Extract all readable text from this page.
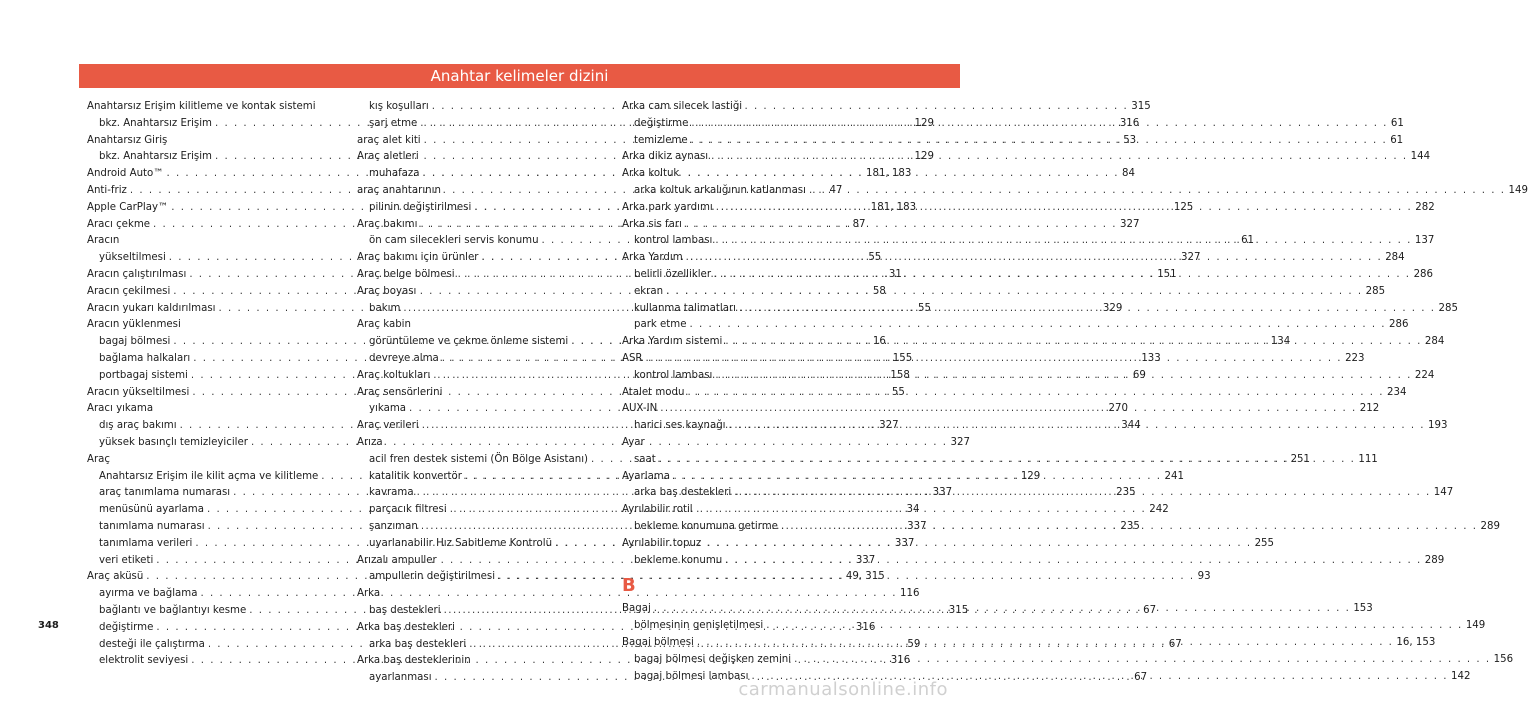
Anahtar kelimeler dizini
Anahtarsız Erişim kilitleme ve kontak sistemi
bkz. Anahtarsız Erişim . . .	129
Anahtarsız Giriş
bkz. Anahtarsız Erişim . . .	129
Android Auto™ . . .	181, 183
Anti-friz . . .	47
Apple CarPlay™ . . .	181, 183
Aracı çekme . . .	87
Aracın
yükseltilmesi . . .	55
Aracın çalıştırılması . . .	31
Aracın çekilmesi . . .	58
Aracın yukarı kaldırılması . . .	55
Aracın yüklenmesi
bagaj bölmesi . . .	16
bağlama halkaları . . .	155
portbagaj sistemi . . .	158
Aracın yükseltilmesi . . .	55
Aracı yıkama
dış araç bakımı . . .	327
yüksek basınçlı temizleyiciler . . .	327
Araç
Anahtarsız Erişim ile kilit açma ve kilitleme . . .	129
araç tanımlama numarası . . .	337
menüsünü ayarlama . . .	34
tanımlama numarası . . .	337
tanımlama verileri . . .	337
veri etiketi . . .	337
Araç aküsü . . .	49, 315
ayırma ve bağlama . . .	116
bağlantı ve bağlantıyı kesme . . .	315
değiştirme . . .	316
desteği ile çalıştırma . . .	59
elektrolit seviyesi . . .	316
kış koşulları . . .	315
şarj etme . . .	316
araç alet kiti . . .	53
Araç aletleri
muhafaza . . .	84
araç anahtarının
pilinin değiştirilmesi . . .	125
Araç bakımı . . .	327
ön cam silecekleri servis konumu . . .	61
Araç bakımı için ürünler . . .	327
Araç belge bölmesi . . .	151
Araç boyası
bakım . . .	329
Araç kabin
görüntüleme ve çekme önleme sistemi . . .	134
devreye alma . . .	133
Araç koltukları . . .	69
Araç sensörlerini
yıkama . . .	270
Araç verileri . . .	344
Arıza
acil fren destek sistemi (Ön Bölge Asistanı) . . .	251
katalitik konvertör . . .	241
kavrama . . .	235
parçacık filtresi . . .	242
şanzıman . . .	235
uyarlanabilir Hız Sabitleme Kontrolü . . .	255
Arızalı ampuller
ampullerin değiştirilmesi . . .	93
Arka
baş destekleri . . .	67
Arka baş destekleri
arka baş destekleri . . .	67
Arka baş desteklerinin
ayarlanması . . .	67
Arka cam silecek lastiği
değiştirme . . .	61
temizleme . . .	61
Arka dikiz aynası . . .	144
Arka koltuk
arka koltuk arkalığının katlanması . . .	149
Arka park yardımı . . .	282
Arka sis farı
kontrol lambası . . .	137
Arka Yardım . . .	284
belirli özellikler . . .	286
ekran . . .	285
kullanma talimatları . . .	285
park etme . . .	286
Arka Yardım sistemi . . .	284
ASR . . .	223
kontrol lambası . . .	224
Atalet modu . . .	234
AUX-IN . . .	212
harici ses kaynağı . . .	193
Ayar
saat . . .	111
Ayarlama
arka baş destekleri . . .	147
Ayrılabilir rotil
bekleme konumuna getirme . . .	289
Ayrılabilir topuz
bekleme konumu . . .	289
B
Bagaj . . .	153
bölmesinin genişletilmesi . . .	149
Bagaj bölmesi . . .	16, 153
bagaj bölmesi değişken zemini . . .	156
bagaj bölmesi lambası . . .	142
348
carmanualsonline.info
